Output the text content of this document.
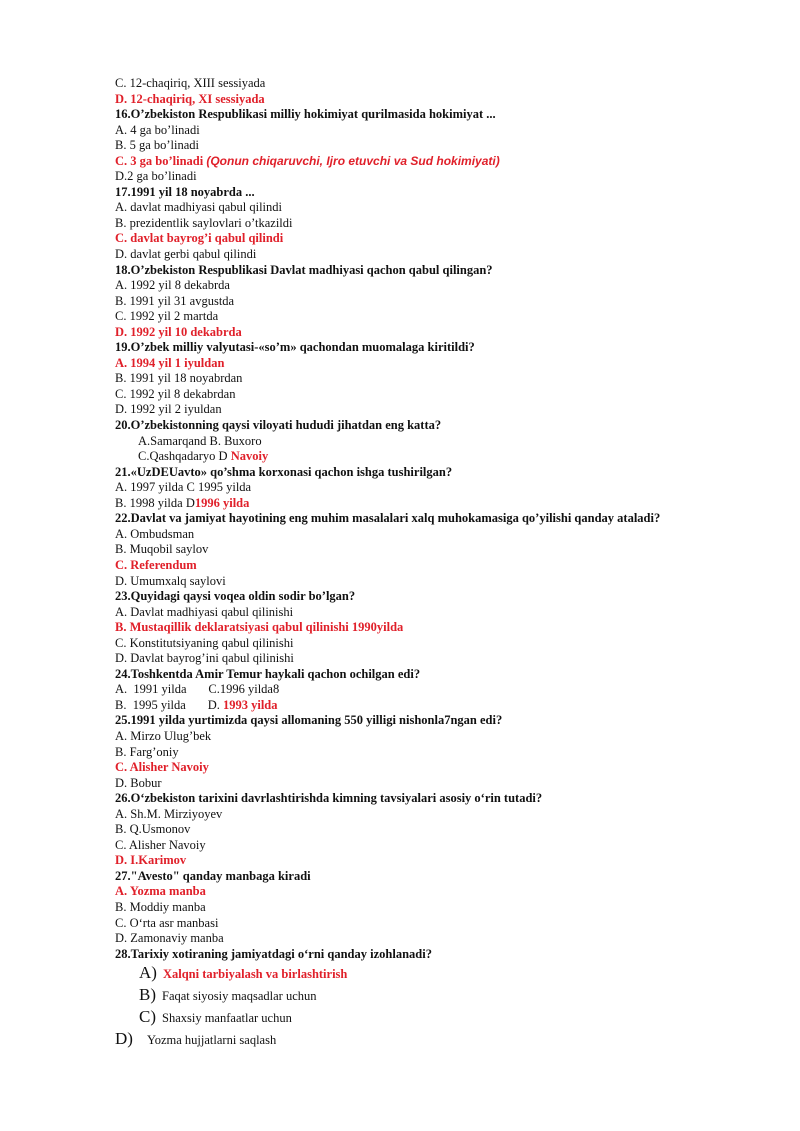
C. 12-chaqiriq, XIII sessiyada
D. 12-chaqiriq, XI sessiyada
16.O’zbekiston Respublikasi milliy hokimiyat qurilmasida hokimiyat ...
A. 4 ga bo’linadi
B. 5 ga bo’linadi
C. 3 ga bo’linadi (Qonun chiqaruvchi, Ijro etuvchi va Sud hokimiyati)
D.2 ga bo’linadi
17.1991 yil 18 noyabrda ...
A. davlat madhiyasi qabul qilindi
B. prezidentlik saylovlari o’tkazildi
C. davlat bayrog’i qabul qilindi
D. davlat gerbi qabul qilindi
18.O’zbekiston Respublikasi Davlat madhiyasi qachon qabul qilingan?
A. 1992 yil 8 dekabrda
B. 1991 yil 31 avgustda
C. 1992 yil 2 martda
D. 1992 yil 10 dekabrda
19.O’zbek milliy valyutasi-«so’m» qachondan muomalaga kiritildi?
A. 1994 yil 1 iyuldan
B. 1991 yil 18 noyabrdan
C. 1992 yil 8 dekabrdan
D. 1992 yil 2 iyuldan
20.O’zbekistonning qaysi viloyati hududi jihatdan eng katta?
A.Samarqand B. Buxoro
C.Qashqadaryo D Navoiy
21.«UzDEUavto» qo’shma korxonasi qachon ishga tushirilgan?
A. 1997 yilda C 1995 yilda
B. 1998 yilda D1996 yilda
22.Davlat va jamiyat hayotining eng muhim masalalari xalq muhokamasiga qo’yilishi qanday ataladi?
A. Ombudsman
B. Muqobil saylov
C. Referendum
D. Umumxalq saylovi
23.Quyidagi qaysi voqea oldin sodir bo’lgan?
A. Davlat madhiyasi qabul qilinishi
B. Mustaqillik deklaratsiyasi qabul qilinishi 1990yilda
C. Konstitutsiyaning qabul qilinishi
D. Davlat bayrog’ini qabul qilinishi
24.Toshkentda Amir Temur haykali qachon ochilgan edi?
A.  1991 yilda       C.1996 yilda8
B.  1995 yilda       D. 1993 yilda
25.1991 yilda yurtimizda qaysi allomaning 550 yilligi nishonla7ngan edi?
A. Mirzo Ulug’bek
B. Farg’oniy
C. Alisher Navoiy
D. Bobur
26.O‘zbekiston tarixini davrlashtirishda kimning tavsiyalari asosiy o‘rin tutadi?
A. Sh.M. Mirziyoyev
B. Q.Usmonov
C. Alisher Navoiy
D. I.Karimov
27."Avesto" qanday manbaga kiradi
A. Yozma manba
B. Moddiy manba
C. O‘rta asr manbasi
D. Zamonaviy manba
28.Tarixiy xotiraning jamiyatdagi o‘rni qanday izohlanadi?
A) Xalqni tarbiyalash va birlashtirish
B) Faqat siyosiy maqsadlar uchun
C) Shaxsiy manfaatlar uchun
D) Yozma hujjatlarni saqlash
